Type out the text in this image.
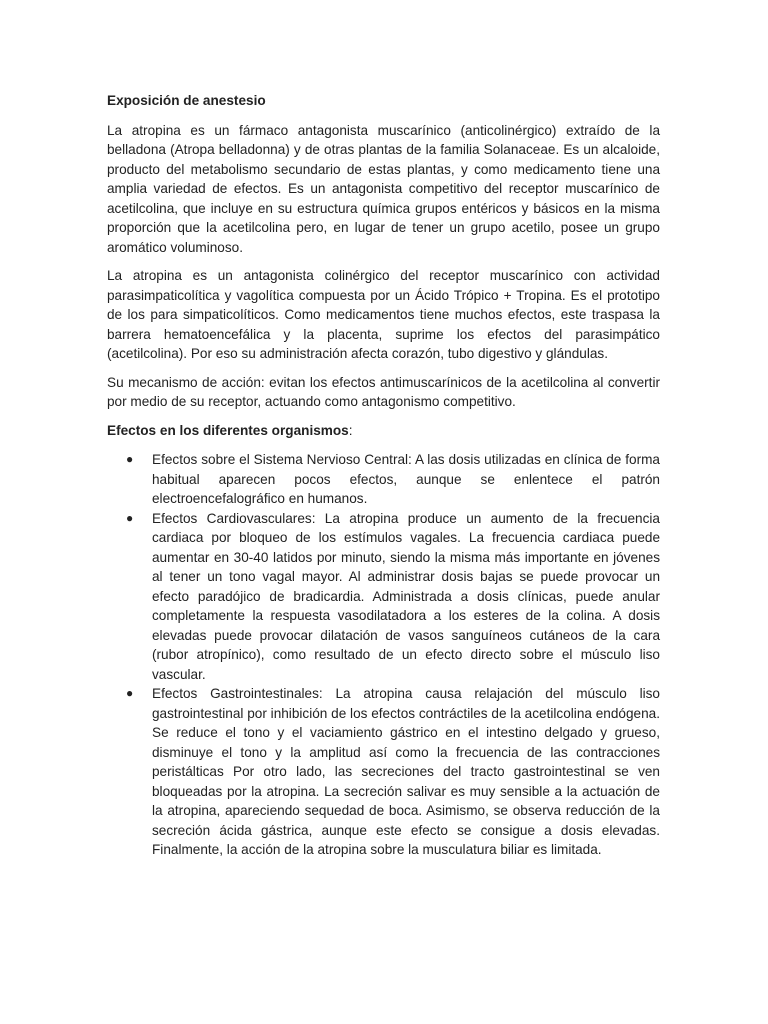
Exposición de anestesio

La atropina es un fármaco antagonista muscarínico (anticolinérgico) extraído de la belladona (Atropa belladonna) y de otras plantas de la familia Solanaceae. Es un alcaloide, producto del metabolismo secundario de estas plantas, y como medicamento tiene una amplia variedad de efectos. Es un antagonista competitivo del receptor muscarínico de acetilcolina, que incluye en su estructura química grupos entéricos y básicos en la misma proporción que la acetilcolina pero, en lugar de tener un grupo acetilo, posee un grupo aromático voluminoso.

La atropina es un antagonista colinérgico del receptor muscarínico con actividad parasimpaticolítica y vagolítica compuesta por un Ácido Trópico + Tropina. Es el prototipo de los para simpaticolíticos. Como medicamentos tiene muchos efectos, este traspasa la barrera hematoencefálica y la placenta, suprime los efectos del parasimpático (acetilcolina). Por eso su administración afecta corazón, tubo digestivo y glándulas.

Su mecanismo de acción: evitan los efectos antimuscarínicos de la acetilcolina al convertir por medio de su receptor, actuando como antagonismo competitivo.

Efectos en los diferentes organismos:

● Efectos sobre el Sistema Nervioso Central: A las dosis utilizadas en clínica de forma habitual aparecen pocos efectos, aunque se enlentece el patrón electroencefalográfico en humanos.
● Efectos Cardiovasculares: La atropina produce un aumento de la frecuencia cardiaca por bloqueo de los estímulos vagales. La frecuencia cardiaca puede aumentar en 30-40 latidos por minuto, siendo la misma más importante en jóvenes al tener un tono vagal mayor. Al administrar dosis bajas se puede provocar un efecto paradójico de bradicardia. Administrada a dosis clínicas, puede anular completamente la respuesta vasodilatadora a los esteres de la colina. A dosis elevadas puede provocar dilatación de vasos sanguíneos cutáneos de la cara (rubor atropínico), como resultado de un efecto directo sobre el músculo liso vascular.
● Efectos Gastrointestinales: La atropina causa relajación del músculo liso gastrointestinal por inhibición de los efectos contráctiles de la acetilcolina endógena. Se reduce el tono y el vaciamiento gástrico en el intestino delgado y grueso, disminuye el tono y la amplitud así como la frecuencia de las contracciones peristálticas Por otro lado, las secreciones del tracto gastrointestinal se ven bloqueadas por la atropina. La secreción salivar es muy sensible a la actuación de la atropina, apareciendo sequedad de boca. Asimismo, se observa reducción de la secreción ácida gástrica, aunque este efecto se consigue a dosis elevadas. Finalmente, la acción de la atropina sobre la musculatura biliar es limitada.
